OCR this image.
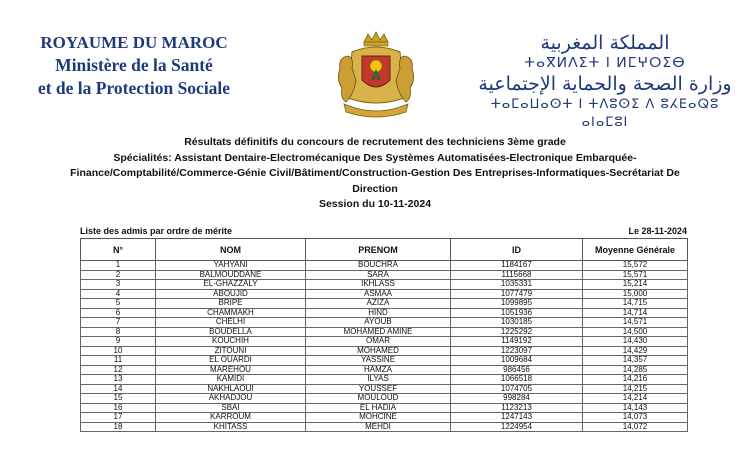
ROYAUME DU MAROC
Ministère de la Santé
et de la Protection Sociale
المملكة المغربية
ⵜⴰⴳⵍⴷⵉⵜ ⵏ ⵍⵎⵖⵔⵉⴱ
وزارة الصحة والحماية الإجتماعية
ⵜⴰⵎⴰⵡⴰⵙⵜ ⵏ ⵜⴷⵓⵙⵉ ⴷ ⵓⵃⴹⴰⵕⵓ ⴰⵏⴰⵎⵓⵏ
Résultats définitifs du concours de recrutement des techniciens 3ème grade
Spécialités: Assistant Dentaire-Electromécanique Des Systèmes Automatisées-Electronique Embarquée-Finance/Comptabilité/Commerce-Génie Civil/Bâtiment/Construction-Gestion Des Entreprises-Informatiques-Secrétariat De Direction
Session du 10-11-2024
Liste des admis par ordre de mérite	Le 28-11-2024
N°	NOM	PRENOM	ID	Moyenne Générale
1	YAHYANI	BOUCHRA	1184167	15,572
2	BALMOUDDANE	SARA	1115668	15,571
3	EL-GHAZZALY	IKHLASS	1035331	15,214
4	ABOUJID	ASMAA	1077479	15,000
5	BRIPE	AZIZA	1099895	14,715
6	CHAMMAKH	HIND	1051936	14,714
7	CHELHI	AYOUB	1030185	14,571
8	BOUDELLA	MOHAMED AMINE	1225292	14,500
9	KOUCHIH	OMAR	1149192	14,430
10	ZITOUNI	MOHAMED	1223097	14,429
11	EL OUARDI	YASSINE	1009684	14,357
12	MAREHOU	HAMZA	986456	14,285
13	KAMIDI	ILYAS	1066518	14,216
14	NAKHLAOUI	YOUSSEF	1074705	14,215
15	AKHADJOU	MOULOUD	998284	14,214
16	SBAI	EL HADIA	1123213	14,143
17	KARROUM	MOHCINE	1247143	14,073
18	KHITASS	MEHDI	1224954	14,072
